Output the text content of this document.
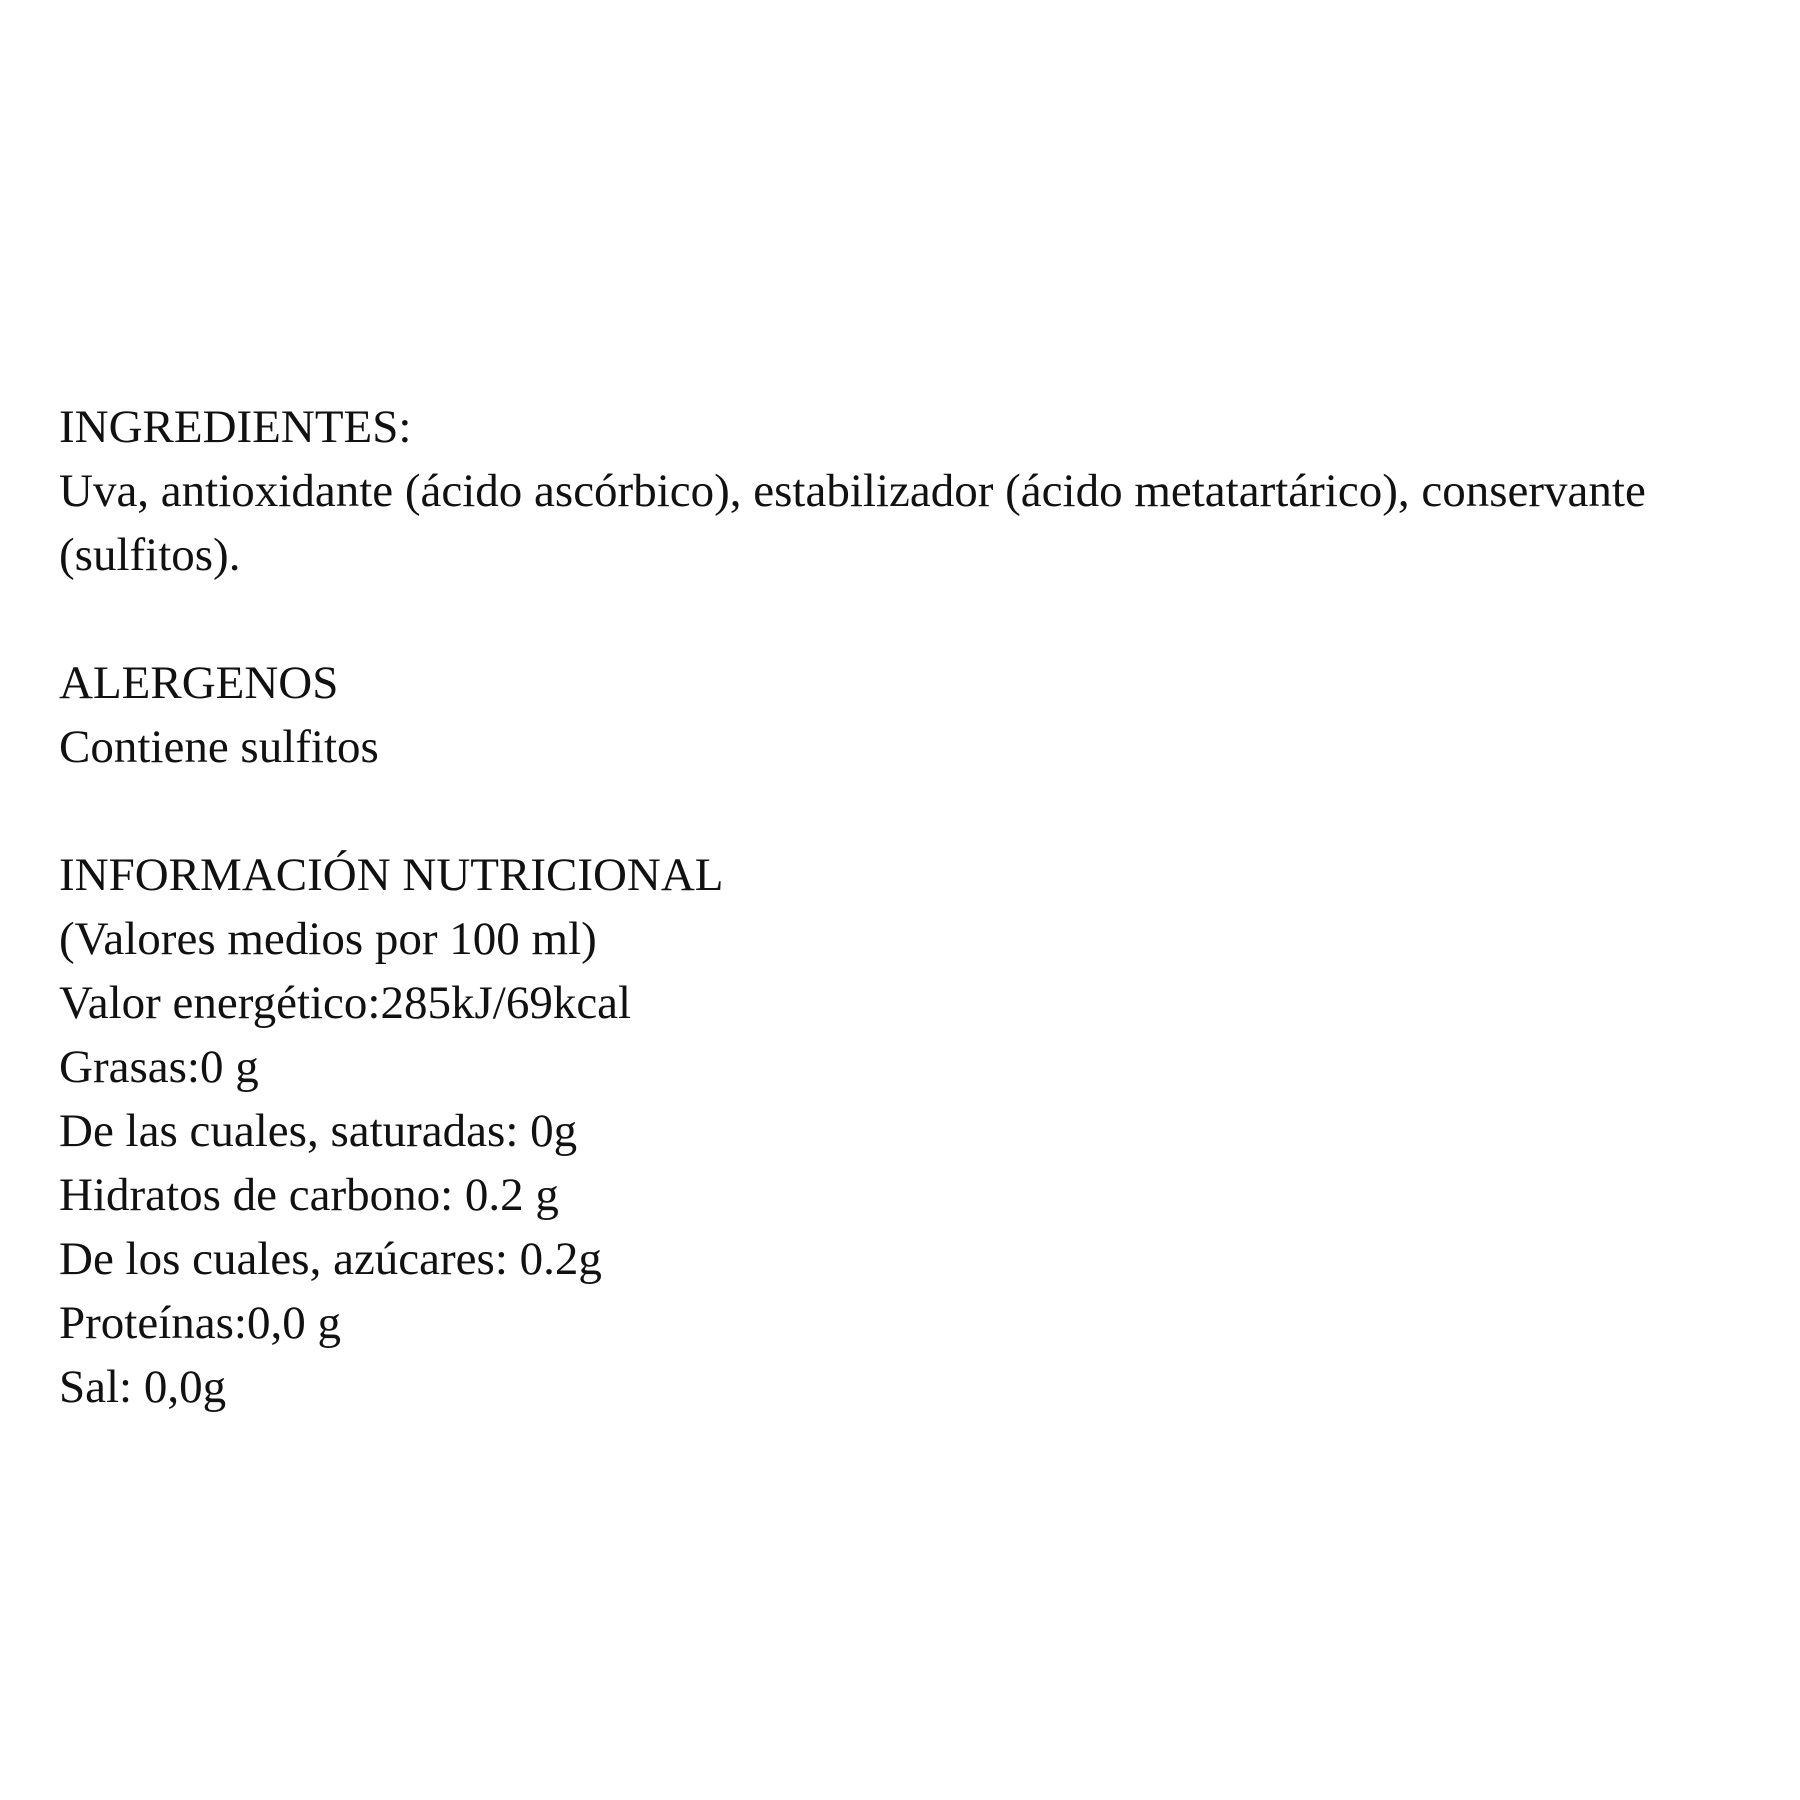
INGREDIENTES:
Uva, antioxidante (ácido ascórbico), estabilizador (ácido metatartárico), conservante
(sulfitos).
ALERGENOS
Contiene sulfitos
INFORMACIÓN NUTRICIONAL
(Valores medios por 100 ml)
Valor energético:285kJ/69kcal
Grasas:0 g
De las cuales, saturadas: 0g
Hidratos de carbono: 0.2 g
De los cuales, azúcares: 0.2g
Proteínas:0,0 g
Sal: 0,0g
